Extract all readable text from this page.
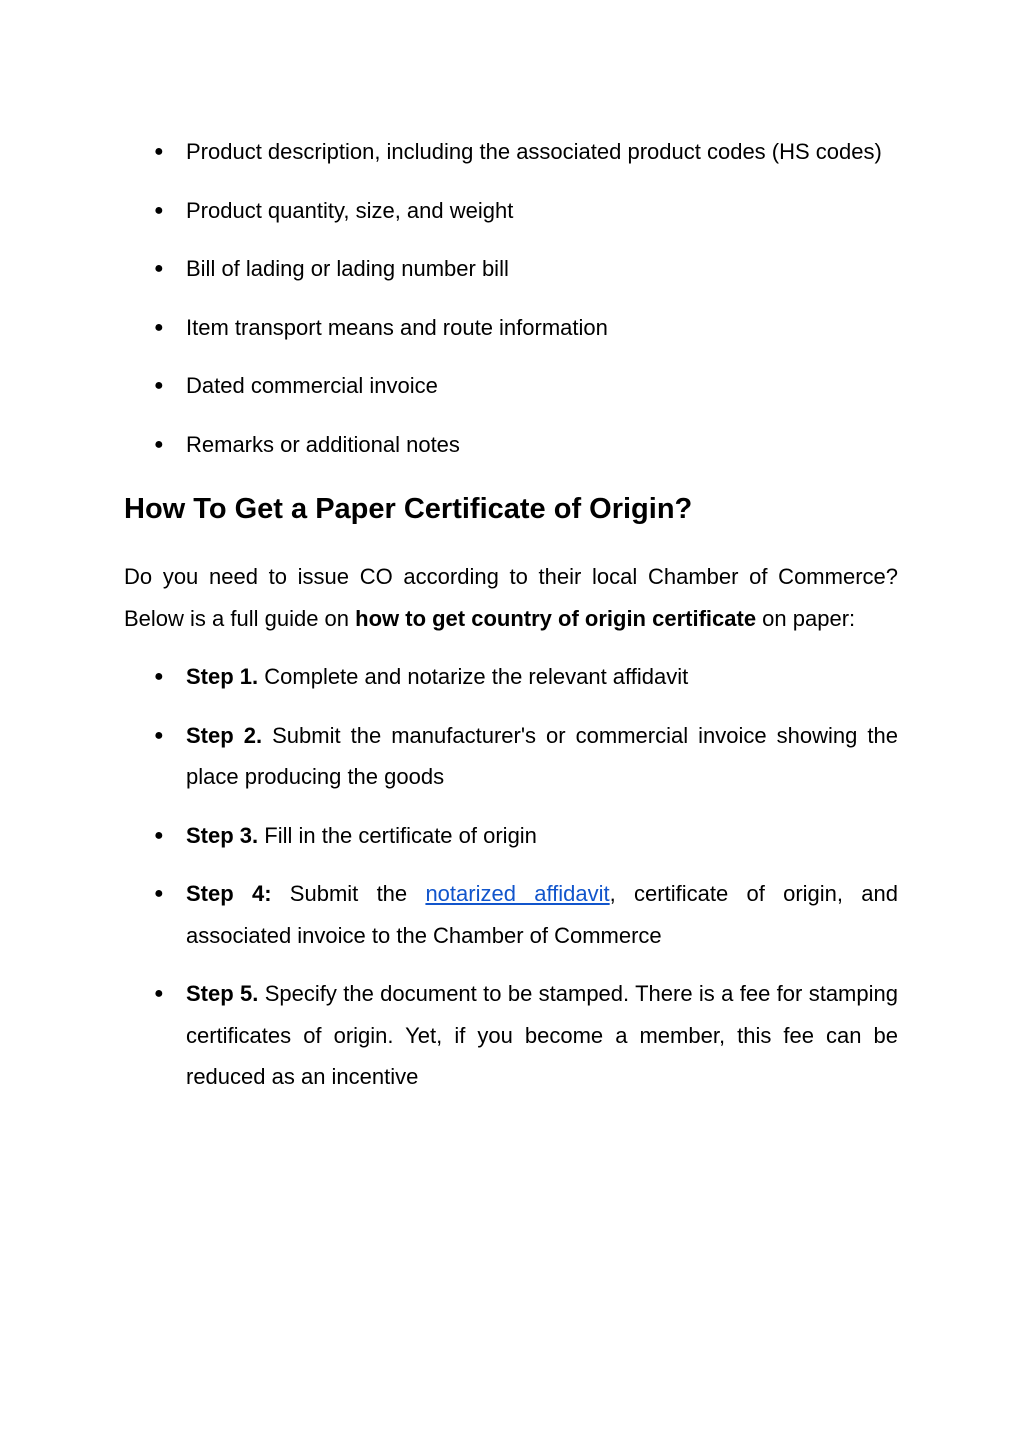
● Product description, including the associated product codes (HS codes)
● Product quantity, size, and weight
● Bill of lading or lading number bill
● Item transport means and route information
● Dated commercial invoice
● Remarks or additional notes
How To Get a Paper Certificate of Origin?

Do you need to issue CO according to their local Chamber of Commerce? Below is a full guide on how to get country of origin certificate on paper:

● Step 1. Complete and notarize the relevant affidavit
● Step 2. Submit the manufacturer's or commercial invoice showing the place producing the goods
● Step 3. Fill in the certificate of origin
● Step 4: Submit the notarized affidavit, certificate of origin, and associated invoice to the Chamber of Commerce
● Step 5. Specify the document to be stamped. There is a fee for stamping certificates of origin. Yet, if you become a member, this fee can be reduced as an incentive
